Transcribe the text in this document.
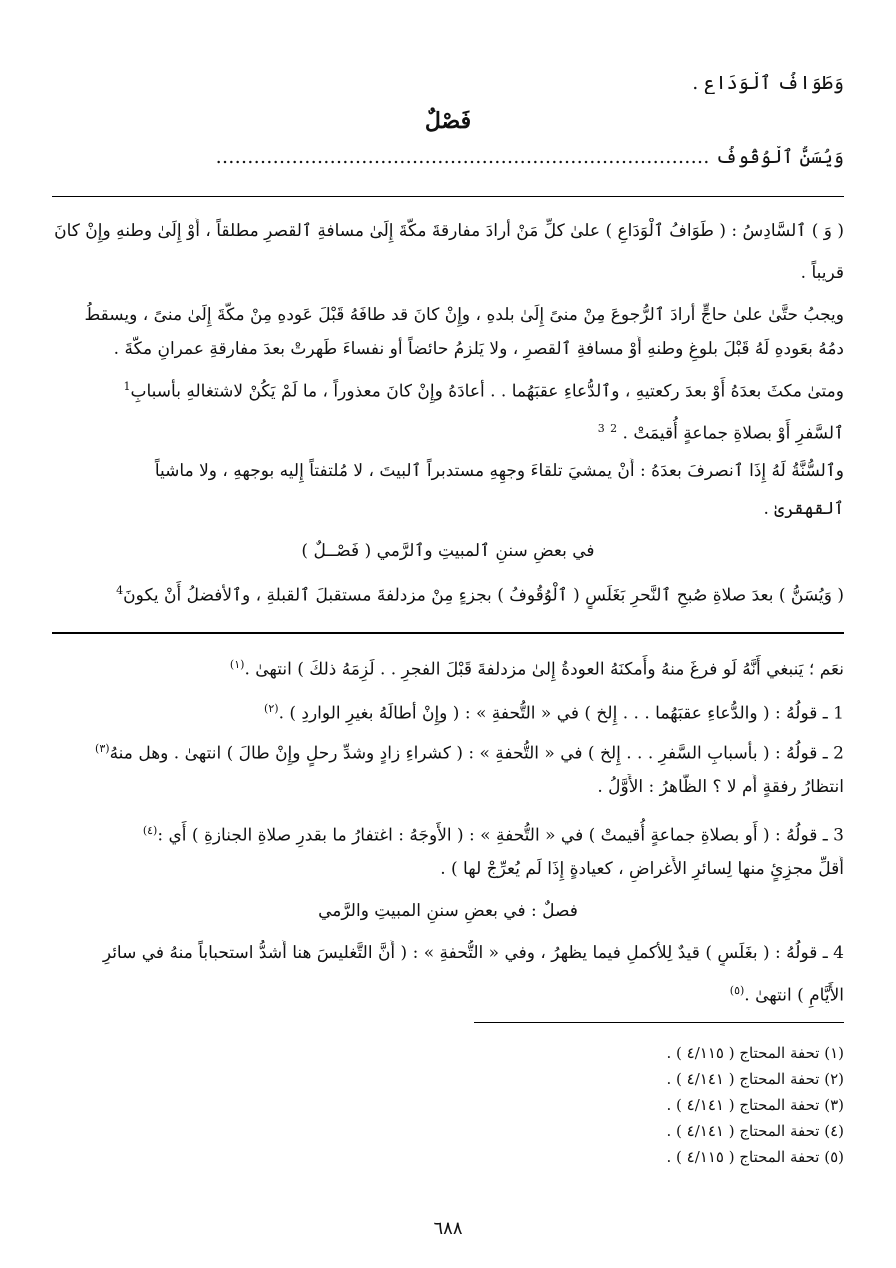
وَطَوَافُ ٱلْوَدَاعِ .
فَصْلٌ
وَيُسَنُّ ٱلْوُقُوفُ ……………………………………………………………………
( وَ ) ٱلسَّادِسُ : ( طَوَافُ ٱلْوَدَاعِ ) علىٰ كلِّ مَنْ أرادَ مفارقةَ مكَّةَ إِلَىٰ مسافةِ ٱلقصرِ مطلقاً ، أَوْ إِلَىٰ وطنهِ وإِنْ كانَ
قريباً .
ويجبُ حتَّىٰ علىٰ حاجٍّ أرادَ ٱلرُّجوعَ مِنْ منىً إِلَىٰ بلدهِ ، وإِنْ كانَ قد طافَهُ قَبْلَ عَودهِ مِنْ مكَّةَ إِلَىٰ منىً ، ويسقطُ
دمُهُ بعَودهِ لَهُ قَبْلَ بلوغِ وطنهِ أَوْ مسافةِ ٱلقصرِ ، ولا يَلزمُ حائضاً أو نفساءَ طَهرتْ بعدَ مفارقةِ عمرانِ مكَّةَ .
ومتىٰ مكثَ بعدَهُ أَوْ بعدَ ركعتيهِ ، وٱلدُّعاءِ عقبَهُما . . أعادَهُ وإِنْ كانَ معذوراً ، ما لَمْ يَكُنْ لاشتغالهِ بأسبابِ$^1$
ٱلسَّفرِ أَوْ بصلاةِ جماعةٍ أُقيمَتْ . $^2$ $^3$
وٱلسُّنَّةُ لَهُ إِذَا ٱنصرفَ بعدَهُ : أَنْ يمشيَ تلقاءَ وجهِهِ مستدبراً ٱلبيتَ ، لا مُلتفتاً إِليه بوجههِ ، ولا ماشياً
ٱلقهقرىٰ .
( فَصْــلٌ ) في بعضِ سننِ ٱلمبيتِ وٱلرَّمي
( وَيُسَنُّ ) بعدَ صلاةِ صُبحِ ٱلنَّحرِ بَغَلَسٍ ( ٱلْوُقُوفُ ) بجزءٍ مِنْ مزدلفةَ مستقبلَ ٱلقبلةِ ، وٱلأفضلُ أَنْ يكونَ$^4$
نعَم ؛ يَنبغي أَنَّهُ لَو فرغَ منهُ وأَمكنَهُ العودةُ إِلىٰ مزدلفةَ قَبْلَ الفجرِ . . لَزِمَهُ ذلكَ ) انتهىٰ .$^{(١)}$
1 ـ قولُهُ : ( والدُّعاءِ عقبَهُما . . . إِلخ ) في « التُّحفةِ » : ( وإِنْ أطالَهُ بغيرِ الواردِ ) .$^{(٢)}$
2 ـ قولُهُ : ( بأسبابِ السَّفرِ . . . إِلخ ) في « التُّحفةِ » : ( كشراءِ زادٍ وشدِّ رحلٍ وإِنْ طالَ ) انتهىٰ . وهل منهُ$^{(٣)}$
انتظارُ رفقةٍ أَم لا ؟ الظَّاهرُ : الأَوَّلُ .
3 ـ قولُهُ : ( أَو بصلاةِ جماعةٍ أُقيمتْ ) في « التُّحفةِ » : ( الأَوجَهُ : اغتفارُ ما بقدرِ صلاةِ الجنازةِ ) أَي :$^{(٤)}$
أَقلِّ مجزِئٍ منها لِسائرِ الأَغراضِ ، كعيادةٍ إِذَا لَم يُعرِّجْ لها ) .
فصلٌ : في بعضِ سننِ المبيتِ والرَّمي
4 ـ قولُهُ : ( بغَلَسٍ ) قيدٌ لِلأكملِ فيما يظهرُ ، وفي « التُّحفةِ » : ( أَنَّ التَّغليسَ هنا أَشدُّ استحباباً منهُ في سائرِ
الأَيَّامِ ) انتهىٰ .$^{(٥)}$
(١) تحفة المحتاج ( ٤/١١٥ ) .
(٢) تحفة المحتاج ( ٤/١٤١ ) .
(٣) تحفة المحتاج ( ٤/١٤١ ) .
(٤) تحفة المحتاج ( ٤/١٤١ ) .
(٥) تحفة المحتاج ( ٤/١١٥ ) .
٦٨٨
